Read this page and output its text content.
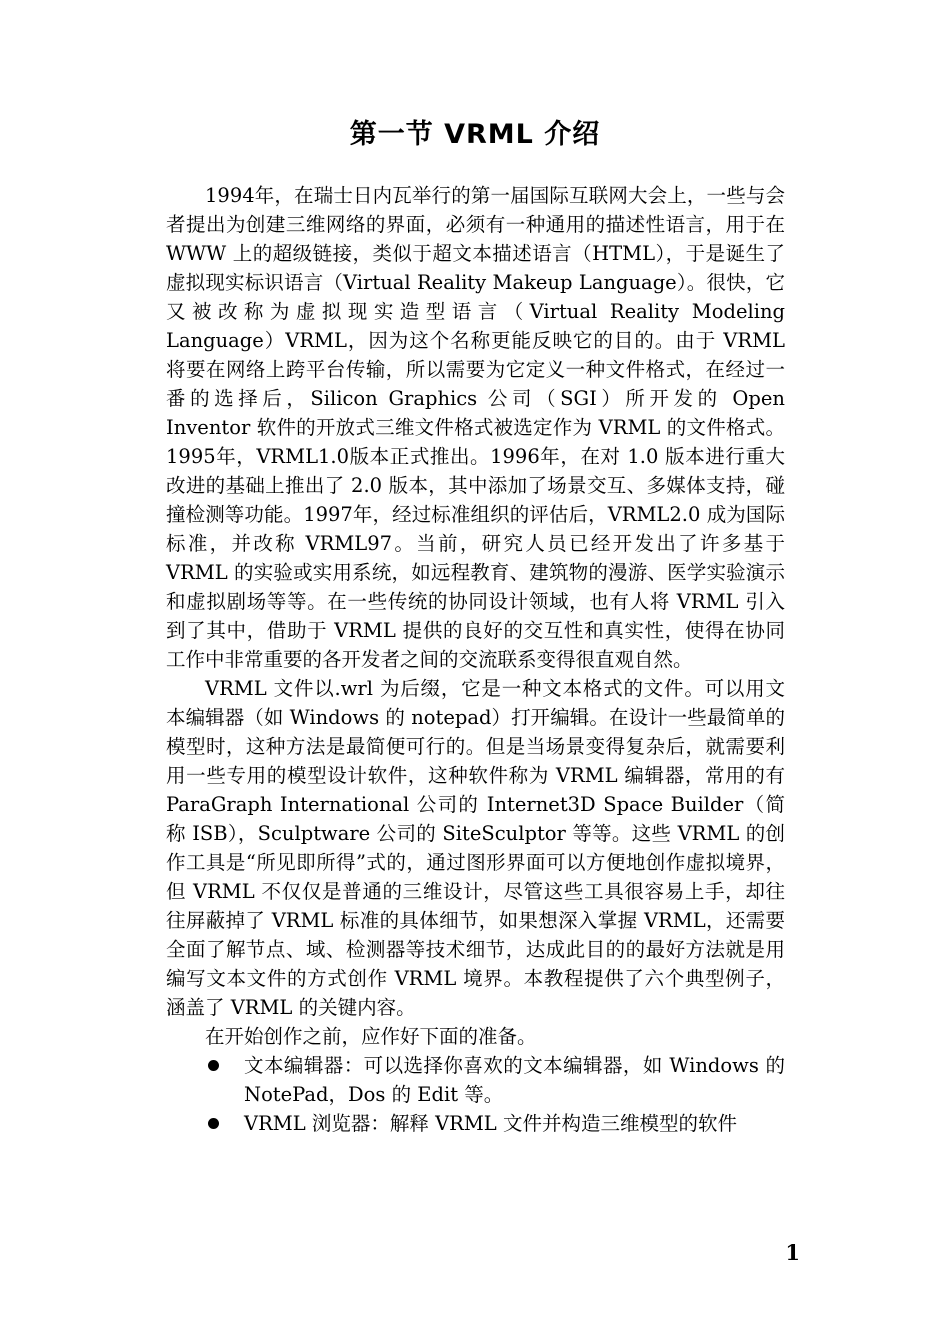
第一节 VRML 介绍

1994年，在瑞士日内瓦举行的第一届国际互联网大会上，一些与会者提出为创建三维网络的界面，必须有一种通用的描述性语言，用于在 WWW 上的超级链接，类似于超文本描述语言（HTML），于是诞生了虚拟现实标识语言（Virtual Reality Makeup Language）。很快，它又被改称为虚拟现实造型语言（Virtual Reality Modeling Language）VRML，因为这个名称更能反映它的目的。由于 VRML 将要在网络上跨平台传输，所以需要为它定义一种文件格式，在经过一番的选择后，Silicon Graphics 公司（SGI）所开发的 Open Inventor 软件的开放式三维文件格式被选定作为 VRML 的文件格式。1995年，VRML1.0版本正式推出。1996年，在对 1.0 版本进行重大改进的基础上推出了 2.0 版本，其中添加了场景交互、多媒体支持，碰撞检测等功能。1997年，经过标准组织的评估后，VRML2.0 成为国际标准，并改称 VRML97。当前，研究人员已经开发出了许多基于 VRML 的实验或实用系统，如远程教育、建筑物的漫游、医学实验演示和虚拟剧场等等。在一些传统的协同设计领域，也有人将 VRML 引入到了其中，借助于 VRML 提供的良好的交互性和真实性，使得在协同工作中非常重要的各开发者之间的交流联系变得很直观自然。

VRML 文件以.wrl 为后缀，它是一种文本格式的文件。可以用文本编辑器（如 Windows 的 notepad）打开编辑。在设计一些最简单的模型时，这种方法是最简便可行的。但是当场景变得复杂后，就需要利用一些专用的模型设计软件，这种软件称为 VRML 编辑器，常用的有 ParaGraph International 公司的 Internet3D Space Builder（简称 ISB），Sculptware 公司的 SiteSculptor 等等。这些 VRML 的创作工具是“所见即所得”式的，通过图形界面可以方便地创作虚拟境界，但 VRML 不仅仅是普通的三维设计，尽管这些工具很容易上手，却往往屏蔽掉了 VRML 标准的具体细节，如果想深入掌握 VRML，还需要全面了解节点、域、检测器等技术细节，达成此目的的最好方法就是用编写文本文件的方式创作 VRML 境界。本教程提供了六个典型例子，涵盖了 VRML 的关键内容。

在开始创作之前，应作好下面的准备。

文本编辑器：可以选择你喜欢的文本编辑器，如 Windows 的 NotePad，Dos 的 Edit 等。
VRML 浏览器：解释 VRML 文件并构造三维模型的软件
1
